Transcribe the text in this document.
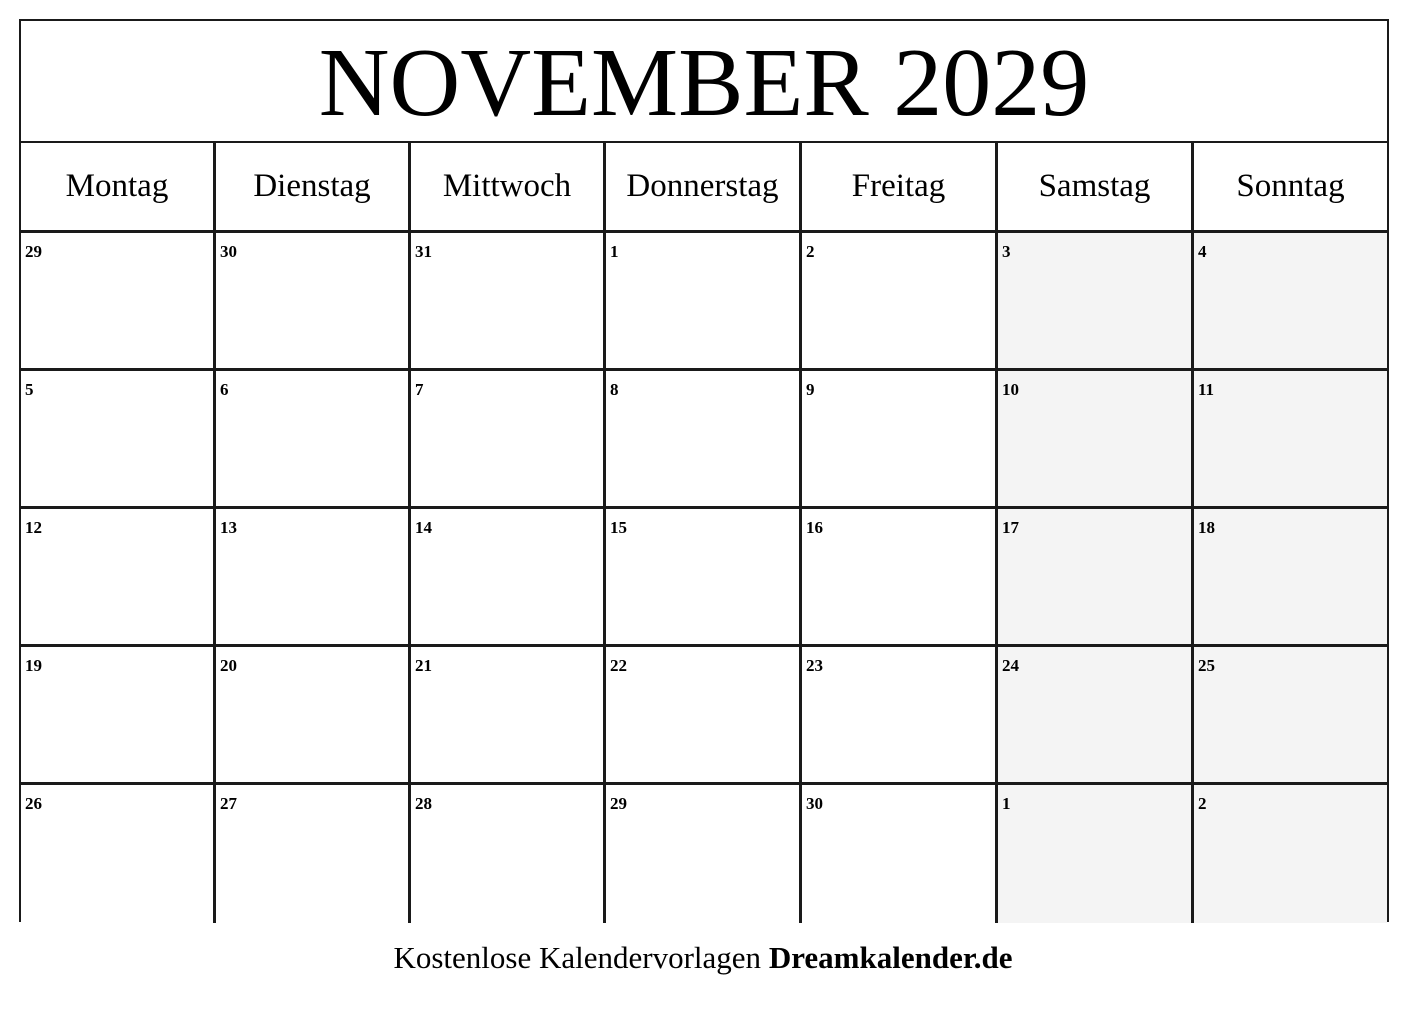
NOVEMBER 2029
Montag	Dienstag	Mittwoch	Donnerstag	Freitag	Samstag	Sonntag
29	30	31	1	2	3	4
5	6	7	8	9	10	11
12	13	14	15	16	17	18
19	20	21	22	23	24	25
26	27	28	29	30	1	2
Kostenlose Kalendervorlagen Dreamkalender.de
